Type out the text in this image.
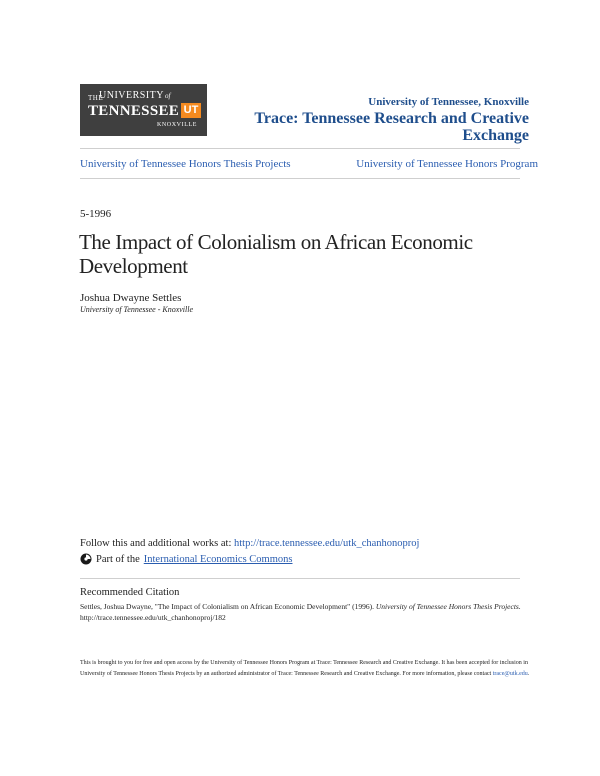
THE
UNIVERSITY of
TENNESSEE UT
KNOXVILLE
University of Tennessee, Knoxville
Trace: Tennessee Research and Creative
Exchange
University of Tennessee Honors Thesis Projects	University of Tennessee Honors Program
5-1996
The Impact of Colonialism on African Economic Development
Joshua Dwayne Settles
University of Tennessee - Knoxville
Follow this and additional works at: http://trace.tennessee.edu/utk_chanhonoproj
Part of the International Economics Commons
Recommended Citation
Settles, Joshua Dwayne, "The Impact of Colonialism on African Economic Development" (1996). University of Tennessee Honors Thesis Projects.
http://trace.tennessee.edu/utk_chanhonoproj/182
This is brought to you for free and open access by the University of Tennessee Honors Program at Trace: Tennessee Research and Creative Exchange. It has been accepted for inclusion in University of Tennessee Honors Thesis Projects by an authorized administrator of Trace: Tennessee Research and Creative Exchange. For more information, please contact trace@utk.edu.
